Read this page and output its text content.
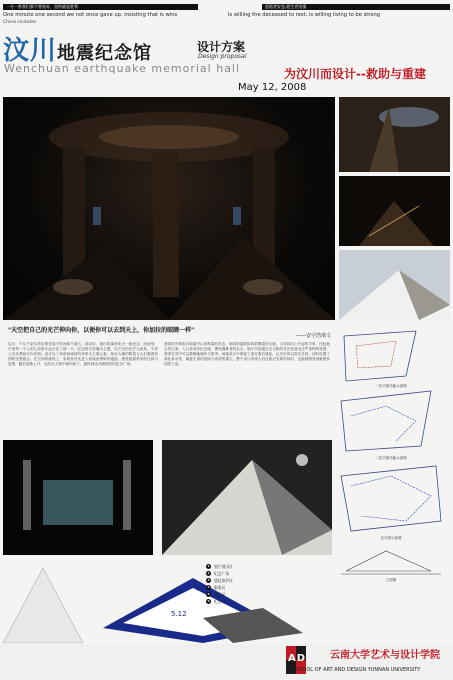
一分一秒我们都不曾放弃，坚持就是胜利	愿逝者安息,愿生者坚强
One minute one second we not once gave up, insisting that is wins	Is willing the deceased to rest, is willing living to be strong
China sindutes
汶川地震纪念馆	设计方案
Design proposal
Wenchuan earthquake memorial hall
May 12, 2008
为汶川而设计--救助与重建
"天空把自己的光芒伸向你，以便你可以去到天上，你加拉的眼睛一样"
——安宇浩填文

汶川，千以千条生命定格在那个时间那个地方，那以后，我们将那里化为一座纪念，而此刻，中国每一个人的心里都永远记住了那一天。纪念馆以悲痛为主题，以天空的光芒为意象，引导人们从黑暗走向光明。设计以三角形和倾斜的体块为主要元素，象征大地的断裂与人们重建家园的坚强意志。在空间的流线上，参观者首先进入低矮而黑暗的通道，感受地震带来的压抑与恐惧，随后逐渐上升，光线从天窗中倾泻而下，最终到达开阔明亮的纪念广场。

建筑的外观取自地震中山体断裂的形态，倾斜的屋面如同被撕裂的大地，又如同向上升起的手掌，托起逝去的生命。入口处设有纪念墙，镌刻遇难者的名字。展厅内部通过光与影的对比营造出庄严肃穆的氛围，观者在其中可以静静地缅怀与思考。场地设计中保留了部分震后遗址，让历史得以真实呈现，同时设置了绿化和水景，寓意生命的延续与希望的重生。整个设计希望人们在铭记灾难的同时，也能够感受到重建家园的力量。

一层平面功能示意图
二层平面功能示意图
总平面示意图
立面图
5.12
1	展厅展示区
2	纪念广场
3	遗址保护区
4	服务区
5	休息区
6	纪念墙
AD 云南大学艺术与设计学院
SCHOOL OF ART AND DESIGN YUNNAN UNIVERSITY
